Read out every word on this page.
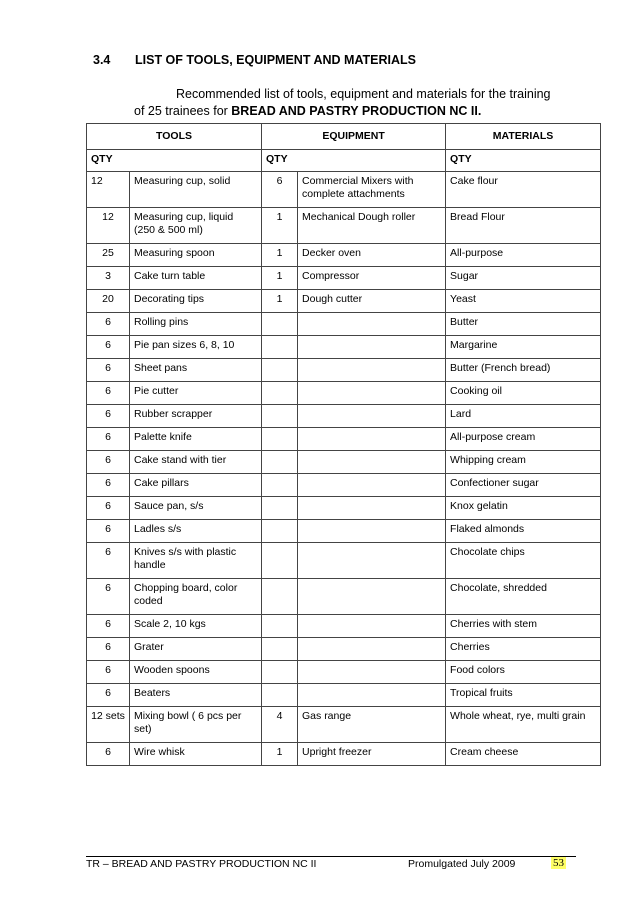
3.4 LIST OF TOOLS, EQUIPMENT AND MATERIALS
Recommended list of tools, equipment and materials for the training
of 25 trainees for BREAD AND PASTRY PRODUCTION NC II.
TOOLS		EQUIPMENT		MATERIALS
QTY		QTY		QTY
12	Measuring cup, solid	6	Commercial Mixers with complete attachments	Cake flour
12	Measuring cup, liquid (250 & 500 ml)	1	Mechanical Dough roller	Bread Flour
25	Measuring spoon	1	Decker oven	All-purpose
3	Cake turn table	1	Compressor	Sugar
20	Decorating tips	1	Dough cutter	Yeast
6	Rolling pins			Butter
6	Pie pan sizes 6, 8, 10			Margarine
6	Sheet pans			Butter (French bread)
6	Pie cutter			Cooking oil
6	Rubber scrapper			Lard
6	Palette knife			All-purpose cream
6	Cake stand with tier			Whipping cream
6	Cake pillars			Confectioner sugar
6	Sauce pan, s/s			Knox gelatin
6	Ladles s/s			Flaked almonds
6	Knives s/s with plastic handle			Chocolate chips
6	Chopping board, color coded			Chocolate, shredded
6	Scale 2, 10 kgs			Cherries with stem
6	Grater			Cherries
6	Wooden spoons			Food colors
6	Beaters			Tropical fruits
12 sets	Mixing bowl ( 6 pcs per set)	4	Gas range	Whole wheat, rye, multi grain
6	Wire whisk	1	Upright freezer	Cream cheese
TR – BREAD AND PASTRY PRODUCTION NC II	Promulgated July 2009	53
